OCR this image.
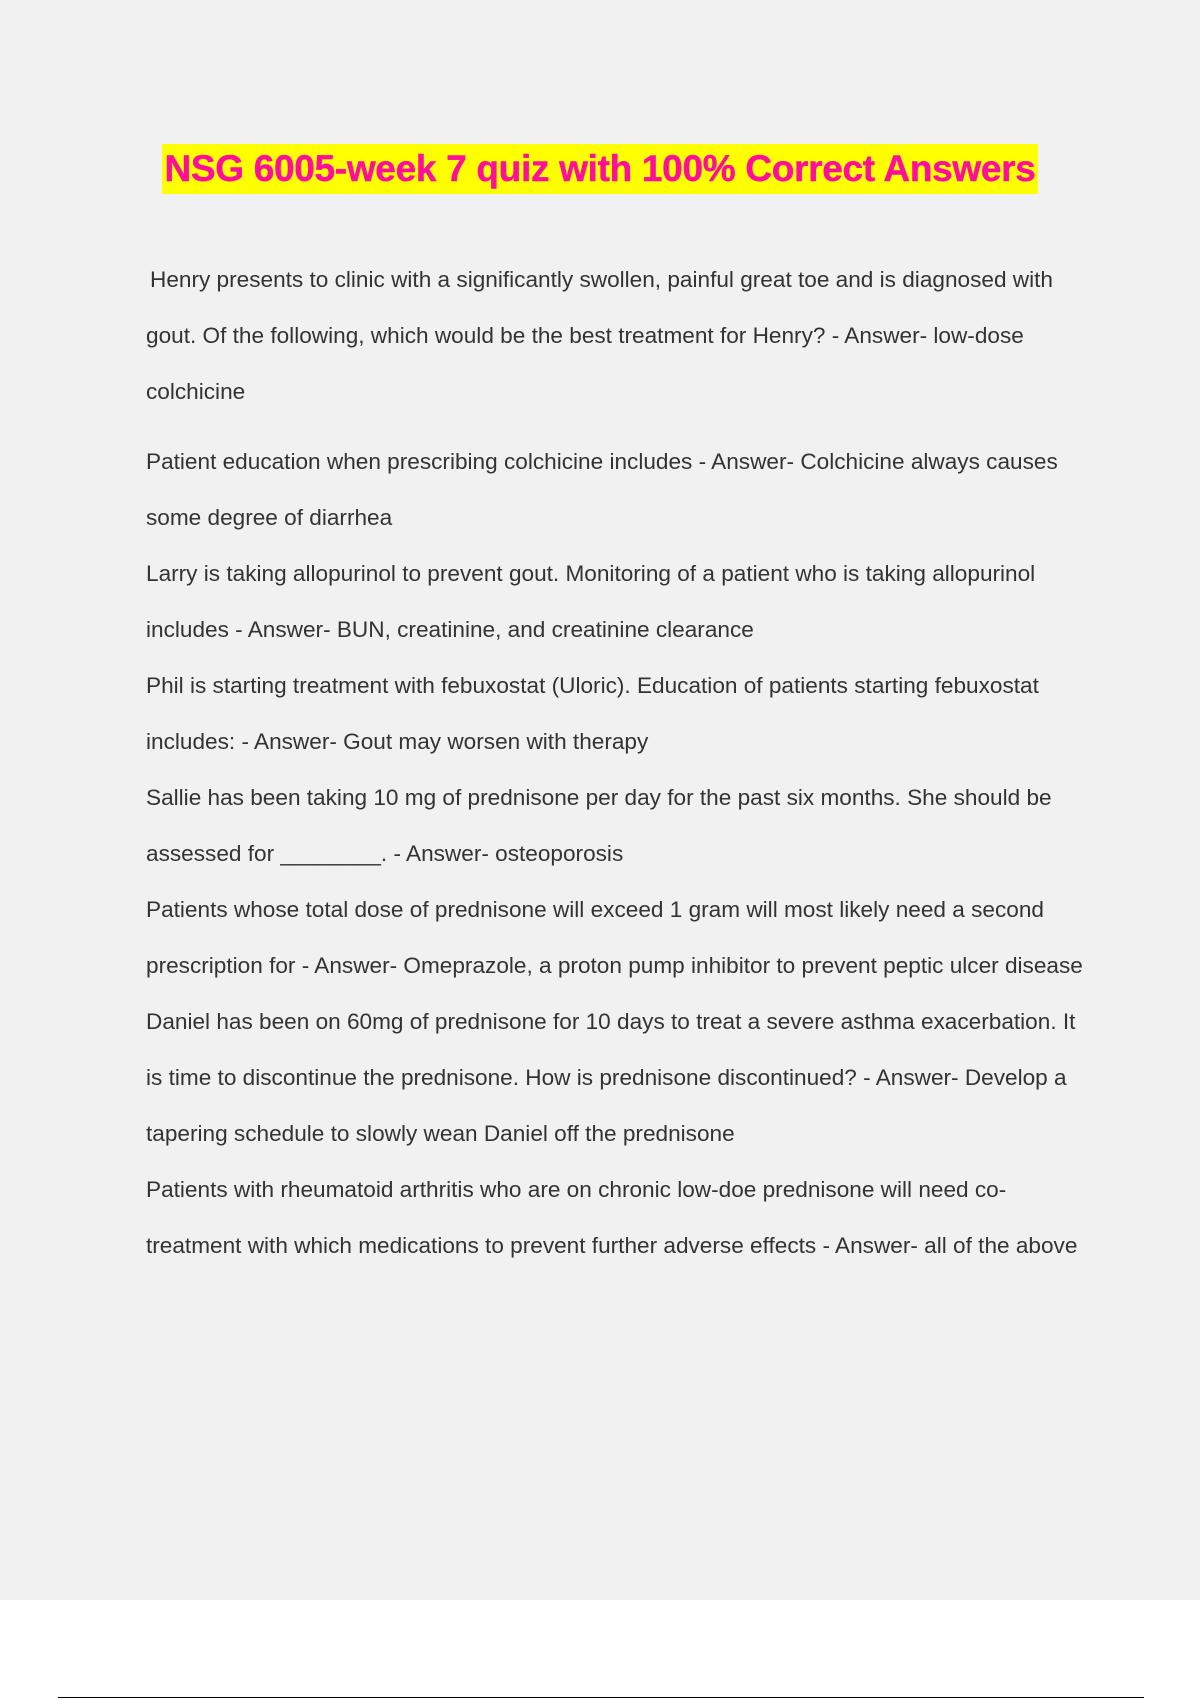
NSG 6005-week 7 quiz with 100% Correct Answers

Henry presents to clinic with a significantly swollen, painful great toe and is diagnosed with gout. Of the following, which would be the best treatment for Henry? - Answer- low-dose colchicine

Patient education when prescribing colchicine includes - Answer- Colchicine always causes some degree of diarrhea

Larry is taking allopurinol to prevent gout. Monitoring of a patient who is taking allopurinol includes - Answer- BUN, creatinine, and creatinine clearance

Phil is starting treatment with febuxostat (Uloric). Education of patients starting febuxostat includes: - Answer- Gout may worsen with therapy

Sallie has been taking 10 mg of prednisone per day for the past six months. She should be assessed for ________. - Answer- osteoporosis

Patients whose total dose of prednisone will exceed 1 gram will most likely need a second prescription for - Answer- Omeprazole, a proton pump inhibitor to prevent peptic ulcer disease

Daniel has been on 60mg of prednisone for 10 days to treat a severe asthma exacerbation. It is time to discontinue the prednisone. How is prednisone discontinued? - Answer- Develop a tapering schedule to slowly wean Daniel off the prednisone

Patients with rheumatoid arthritis who are on chronic low-doe prednisone will need co-treatment with which medications to prevent further adverse effects - Answer- all of the above
